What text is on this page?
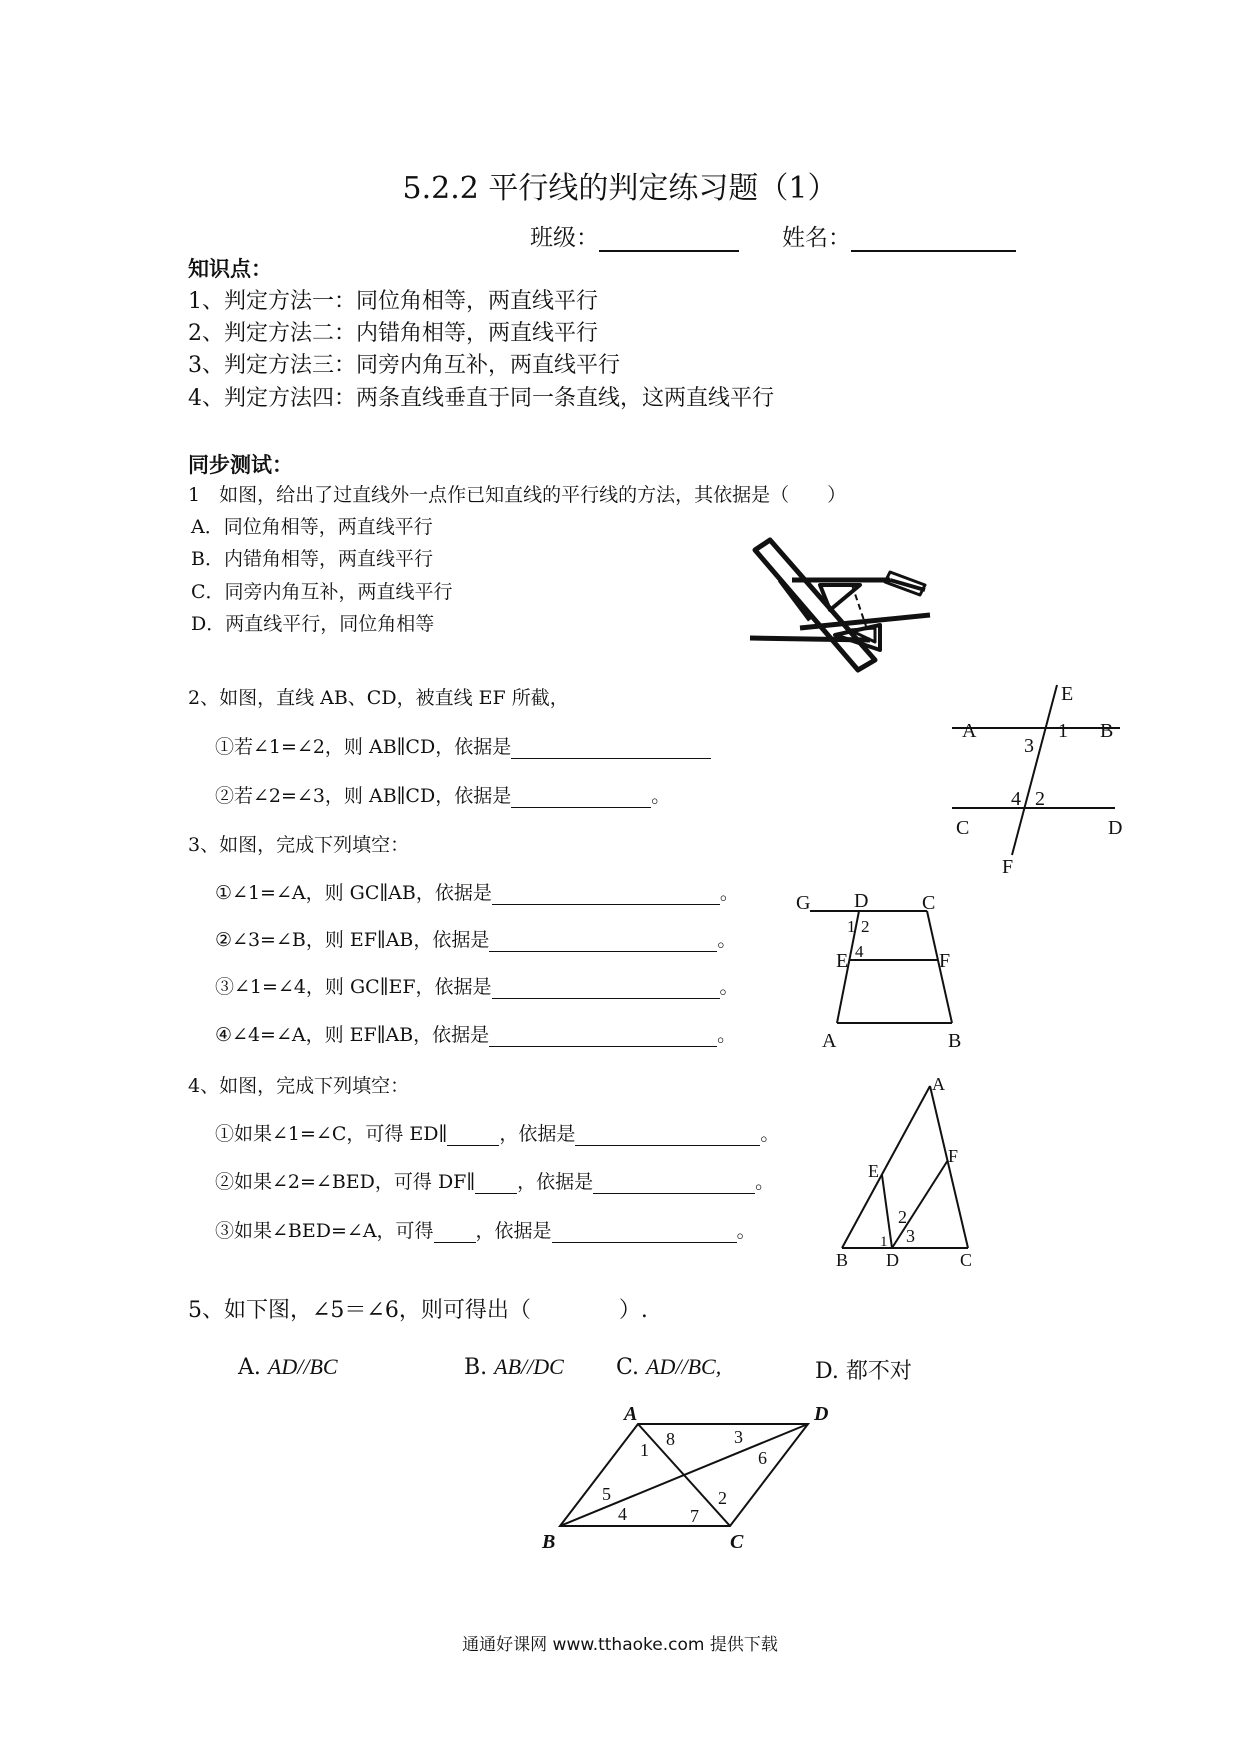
5.2.2 平行线的判定练习题（1）
班级：	姓名：
知识点：
1、判定方法一：同位角相等，两直线平行
2、判定方法二：内错角相等，两直线平行
3、判定方法三：同旁内角互补，两直线平行
4、判定方法四：两条直线垂直于同一条直线，这两直线平行
同步测试：
1　如图，给出了过直线外一点作已知直线的平行线的方法，其依据是（　　）
A．同位角相等，两直线平行
B．内错角相等，两直线平行
C．同旁内角互补，两直线平行
D．两直线平行，同位角相等
2、如图，直线 AB、CD，被直线 EF 所截，
①若∠1=∠2，则 AB∥CD，依据是
②若∠2=∠3，则 AB∥CD，依据是	。
E
A	1 B
3
4 2
C	D
F
3、如图，完成下列填空：
①∠1=∠A，则 GC∥AB，依据是	。
②∠3=∠B，则 EF∥AB，依据是	。
③∠1=∠4，则 GC∥EF，依据是	。
④∠4=∠A，则 EF∥AB，依据是	。
G D	C
1 2
4
E	F
A	B
4、如图，完成下列填空：
①如果∠1=∠C，可得 ED∥	，依据是	。
②如果∠2=∠BED，可得 DF∥ ，依据是	。
③如果∠BED=∠A，可得 ，依据是	。
A
F
E
2
1 3
B D	C
5、如下图，∠5＝∠6，则可得出（　　　　）.
A. AD//BC	B. AB//DC C. AD//BC,	D. 都不对
A	D
B	C
8	3
1	6
5	2
4	7
通通好课网 www.tthaoke.com 提供下载
